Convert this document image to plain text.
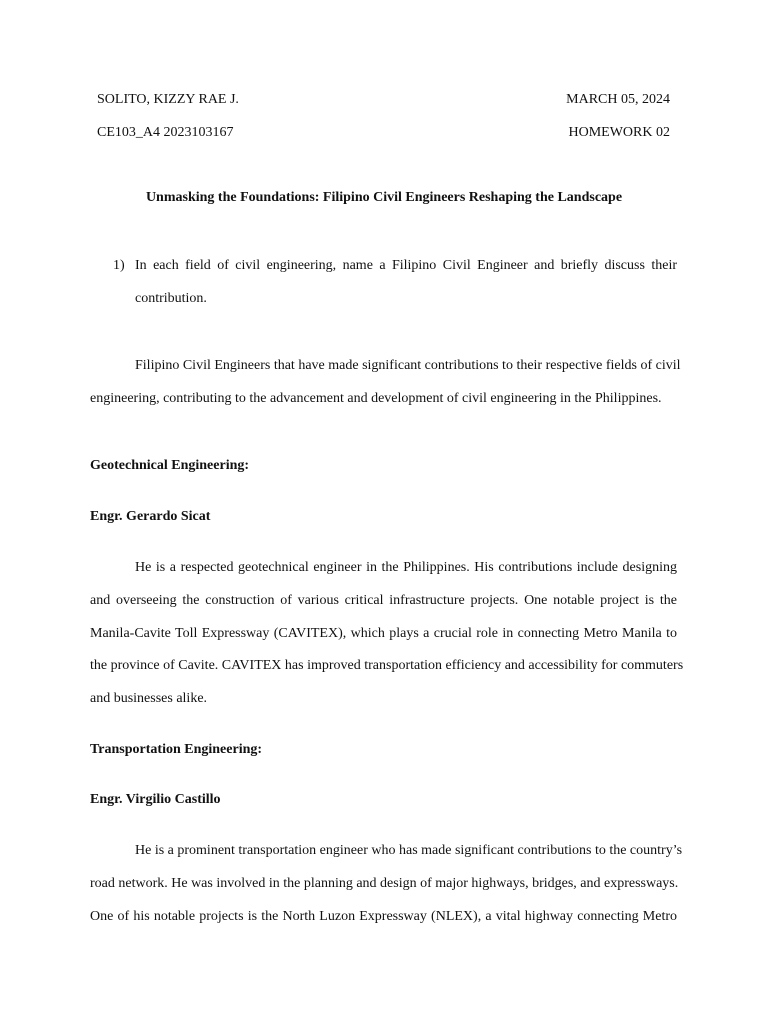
SOLITO, KIZZY RAE J.	MARCH 05, 2024
CE103_A4 2023103167	HOMEWORK 02
Unmasking the Foundations: Filipino Civil Engineers Reshaping the Landscape
1) In each field of civil engineering, name a Filipino Civil Engineer and briefly discuss their
contribution.
Filipino Civil Engineers that have made significant contributions to their respective fields of civil
engineering, contributing to the advancement and development of civil engineering in the Philippines.
Geotechnical Engineering:
Engr. Gerardo Sicat
He is a respected geotechnical engineer in the Philippines. His contributions include designing
and overseeing the construction of various critical infrastructure projects. One notable project is the
Manila-Cavite Toll Expressway (CAVITEX), which plays a crucial role in connecting Metro Manila to
the province of Cavite. CAVITEX has improved transportation efficiency and accessibility for commuters
and businesses alike.
Transportation Engineering:
Engr. Virgilio Castillo
He is a prominent transportation engineer who has made significant contributions to the country’s
road network. He was involved in the planning and design of major highways, bridges, and expressways.
One of his notable projects is the North Luzon Expressway (NLEX), a vital highway connecting Metro
